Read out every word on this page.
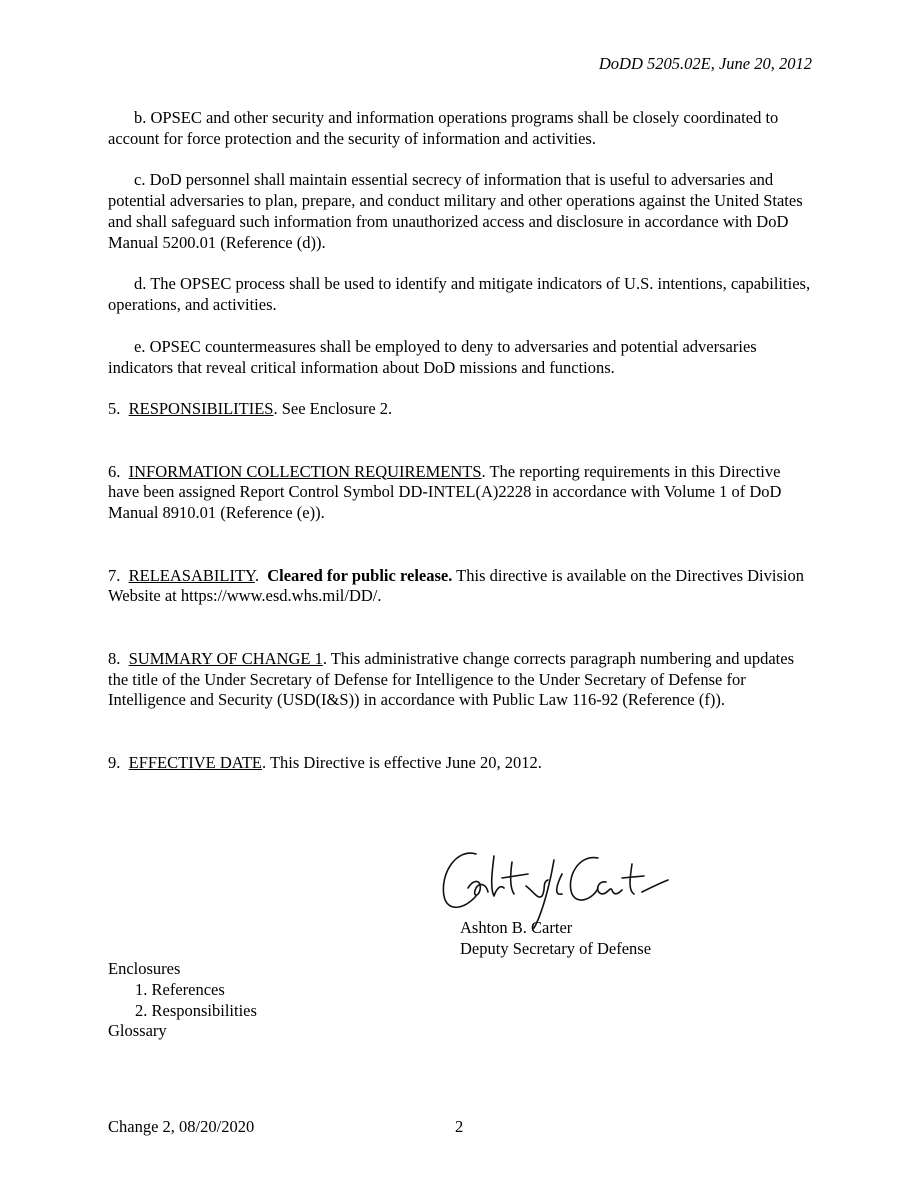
DoDD 5205.02E, June 20, 2012

b. OPSEC and other security and information operations programs shall be closely coordinated to account for force protection and the security of information and activities.

c. DoD personnel shall maintain essential secrecy of information that is useful to adversaries and potential adversaries to plan, prepare, and conduct military and other operations against the United States and shall safeguard such information from unauthorized access and disclosure in accordance with DoD Manual 5200.01 (Reference (d)).

d. The OPSEC process shall be used to identify and mitigate indicators of U.S. intentions, capabilities, operations, and activities.

e. OPSEC countermeasures shall be employed to deny to adversaries and potential adversaries indicators that reveal critical information about DoD missions and functions.

5. RESPONSIBILITIES. See Enclosure 2.

6. INFORMATION COLLECTION REQUIREMENTS. The reporting requirements in this Directive have been assigned Report Control Symbol DD-INTEL(A)2228 in accordance with Volume 1 of DoD Manual 8910.01 (Reference (e)).

7. RELEASABILITY.  Cleared for public release. This directive is available on the Directives Division Website at https://www.esd.whs.mil/DD/.

8. SUMMARY OF CHANGE 1. This administrative change corrects paragraph numbering and updates the title of the Under Secretary of Defense for Intelligence to the Under Secretary of Defense for Intelligence and Security (USD(I&S)) in accordance with Public Law 116-92 (Reference (f)).

9. EFFECTIVE DATE. This Directive is effective June 20, 2012.

Ashton B. Carter
Deputy Secretary of Defense
Enclosures
1. References
2. Responsibilities
Glossary
Change 2, 08/20/2020	2
